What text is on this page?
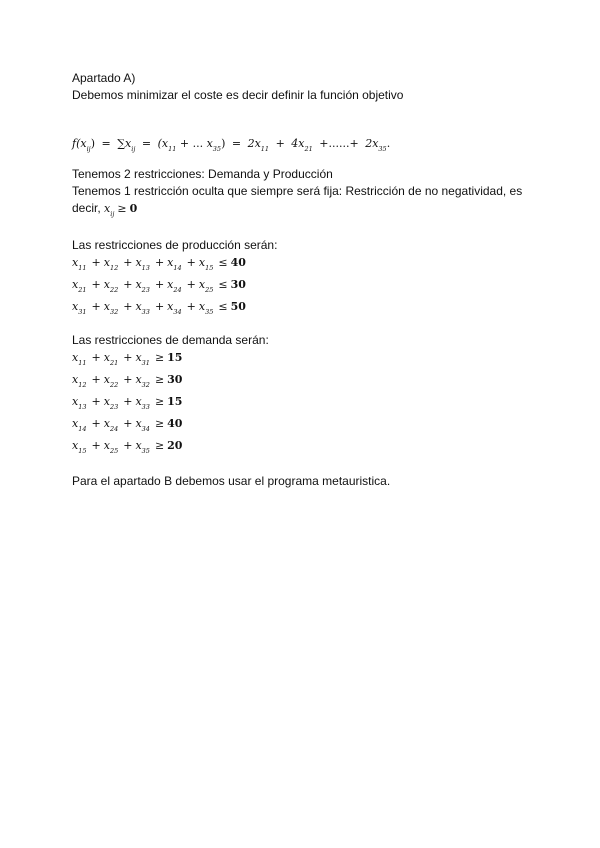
Apartado A)
Debemos minimizar el coste es decir definir la función objetivo
$f(x_{ij}) = \sum x_{ij} = (x_{11}$ + ... $x_{35}) = 2x_{11} + 4x_{21}$ +......+ $2x_{35}$.
Tenemos 2 restricciones: Demanda y Producción
Tenemos 1 restricción oculta que siempre será fija: Restricción de no negatividad, es
decir, $x_{ij} \ge 0$
Las restricciones de producción serán:
$x_{11} + x_{12} + x_{13} + x_{14} + x_{15} \le 40$
$x_{21} + x_{22} + x_{23} + x_{24} + x_{25} \le 30$
$x_{31} + x_{32} + x_{33} + x_{34} + x_{35} \le 50$
Las restricciones de demanda serán:
$x_{11} + x_{21} + x_{31} \ge 15$
$x_{12} + x_{22} + x_{32} \ge 30$
$x_{13} + x_{23} + x_{33} \ge 15$
$x_{14} + x_{24} + x_{34} \ge 40$
$x_{15} + x_{25} + x_{35} \ge 20$
Para el apartado B debemos usar el programa metauristica.
